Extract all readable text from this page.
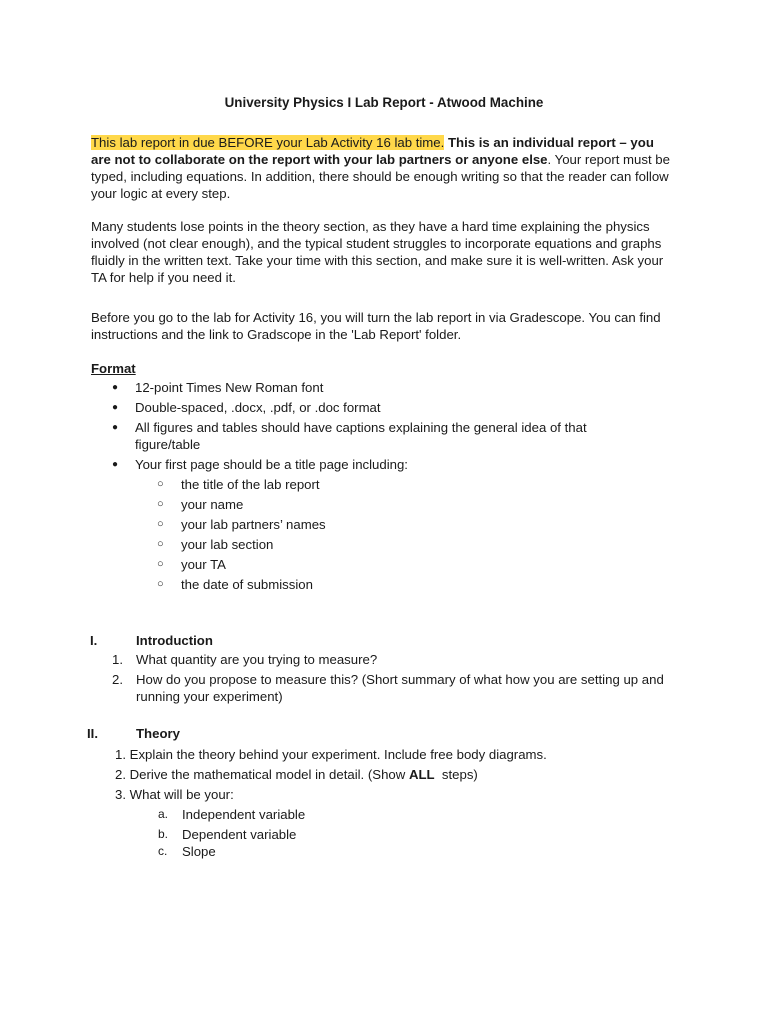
University Physics I Lab Report - Atwood Machine

This lab report in due BEFORE your Lab Activity 16 lab time. This is an individual report – you are not to collaborate on the report with your lab partners or anyone else. Your report must be typed, including equations. In addition, there should be enough writing so that the reader can follow your logic at every step.

Many students lose points in the theory section, as they have a hard time explaining the physics involved (not clear enough), and the typical student struggles to incorporate equations and graphs fluidly in the written text. Take your time with this section, and make sure it is well-written. Ask your TA for help if you need it.

Before you go to the lab for Activity 16, you will turn the lab report in via Gradescope. You can find instructions and the link to Gradscope in the 'Lab Report' folder.

Format
● 12-point Times New Roman font
● Double-spaced, .docx, .pdf, or .doc format
● All figures and tables should have captions explaining the general idea of that figure/table
● Your first page should be a title page including:
○ the title of the lab report
○ your name
○ your lab partners’ names
○ your lab section
○ your TA
○ the date of submission
I.	Introduction
1. What quantity are you trying to measure?
2. How do you propose to measure this? (Short summary of what how you are setting up and running your experiment)
II.	Theory
1. Explain the theory behind your experiment. Include free body diagrams.
2. Derive the mathematical model in detail. (Show ALL  steps)
3. What will be your:
a. Independent variable
b. Dependent variable
c. Slope
